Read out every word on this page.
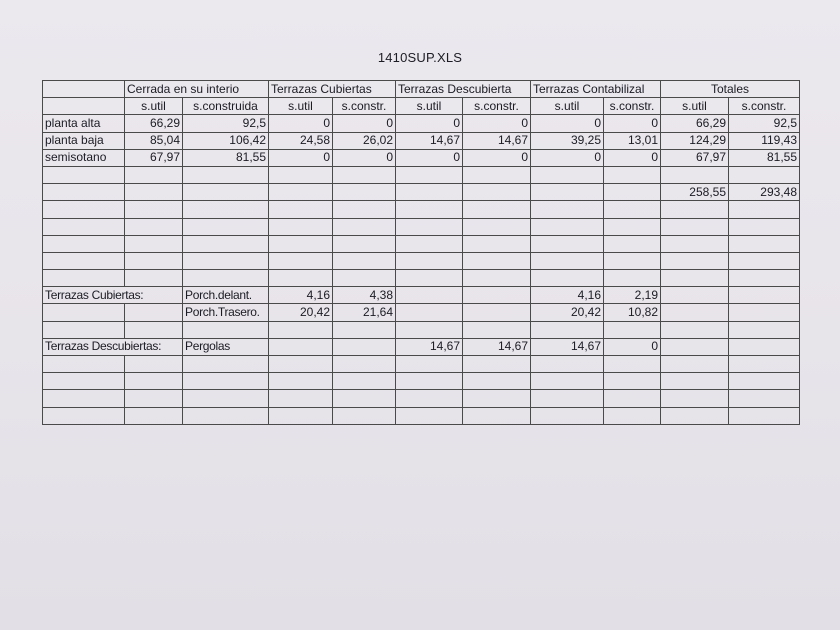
1410SUP.XLS
	Cerrada en su interio		Terrazas Cubiertas		Terrazas Descubierta		Terrazas Contabilizal		Totales	
	s.util	s.construida	s.util	s.constr.	s.util	s.constr.	s.util	s.constr.	s.util	s.constr.
planta alta	66,29	92,5	0	0	0	0	0	0	66,29	92,5
planta baja	85,04	106,42	24,58	26,02	14,67	14,67	39,25	13,01	124,29	119,43
semisotano	67,97	81,55	0	0	0	0	0	0	67,97	81,55

									258,55	293,48

Terrazas Cubiertas:		Porch.delant.	4,16	4,38			4,16	2,19		
		Porch.Trasero.	20,42	21,64			20,42	10,82		

Terrazas Descubiertas:		Pergolas			14,67	14,67	14,67	0		
